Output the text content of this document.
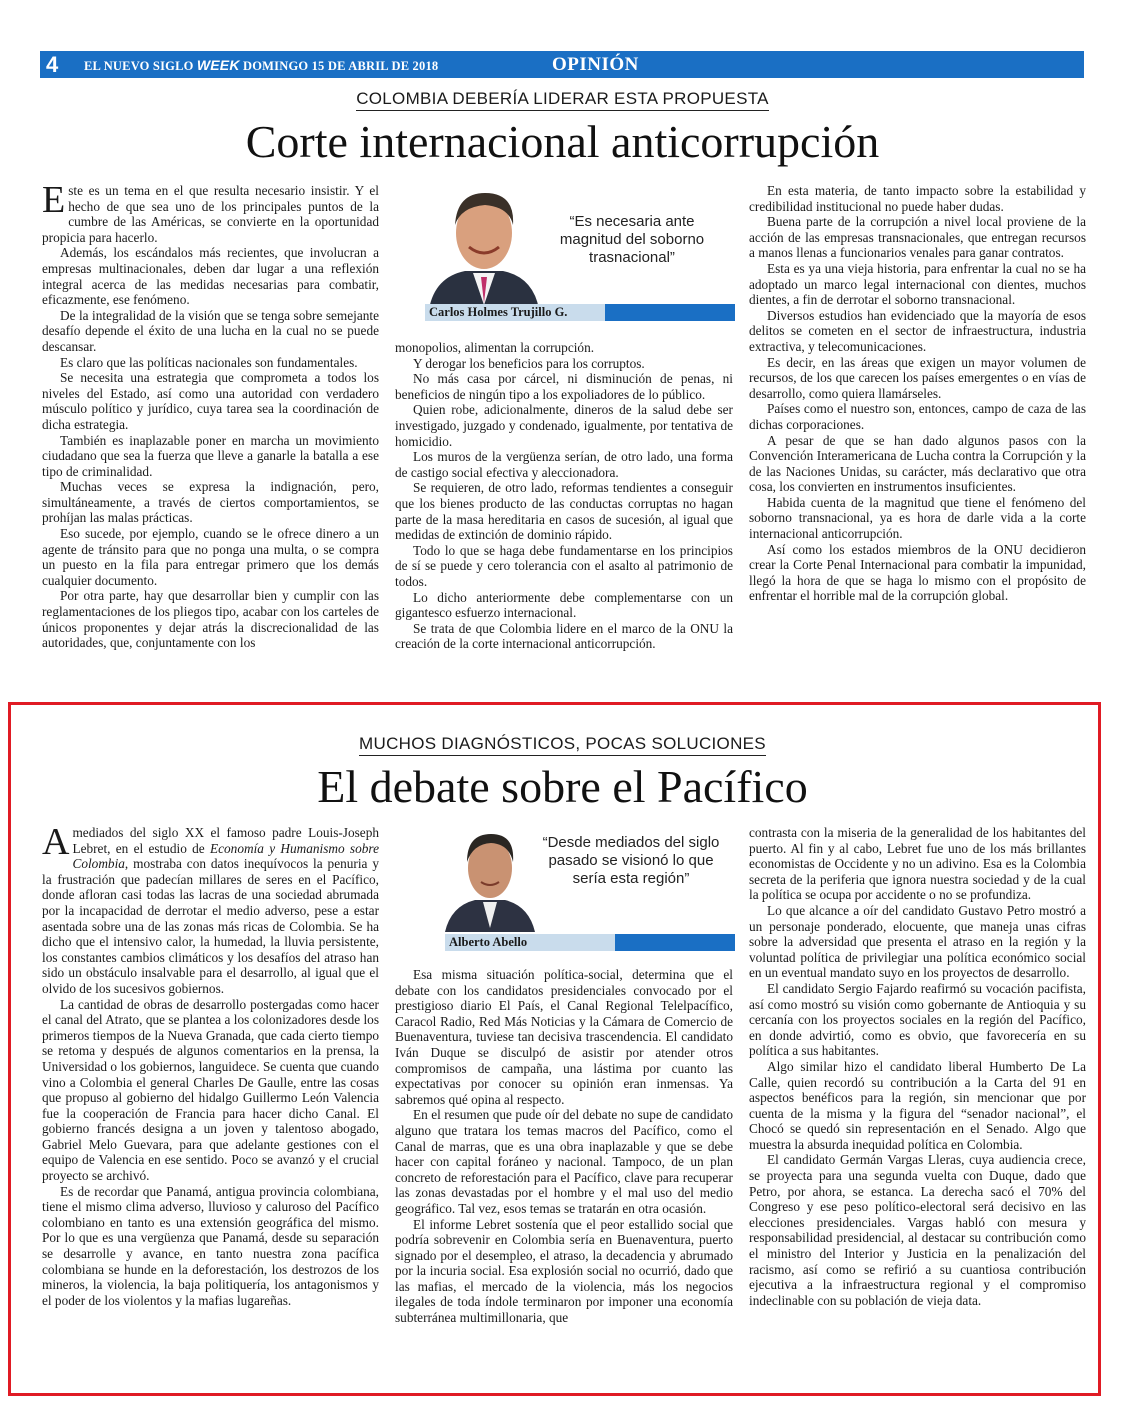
4 EL NUEVO SIGLO WEEK DOMINGO 15 DE ABRIL DE 2018	OPINIÓN
COLOMBIA DEBERÍA LIDERAR ESTA PROPUESTA
Corte internacional anticorrupción

Este es un tema en el que resulta necesario insistir. Y el hecho de que sea uno de los principales puntos de la cumbre de las Américas, se convierte en la oportunidad propicia para hacerlo.

Además, los escándalos más recientes, que involucran a empresas multinacionales, deben dar lugar a una reflexión integral acerca de las medidas necesarias para combatir, eficazmente, ese fenómeno.

De la integralidad de la visión que se tenga sobre semejante desafío depende el éxito de una lucha en la cual no se puede descansar.

Es claro que las políticas nacionales son fundamentales.

Se necesita una estrategia que comprometa a todos los niveles del Estado, así como una autoridad con verdadero músculo político y jurídico, cuya tarea sea la coordinación de dicha estrategia.

También es inaplazable poner en marcha un movimiento ciudadano que sea la fuerza que lleve a ganarle la batalla a ese tipo de criminalidad.

Muchas veces se expresa la indignación, pero, simultáneamente, a través de ciertos comportamientos, se prohíjan las malas prácticas.

Eso sucede, por ejemplo, cuando se le ofrece dinero a un agente de tránsito para que no ponga una multa, o se compra un puesto en la fila para entregar primero que los demás cualquier documento.

Por otra parte, hay que desarrollar bien y cumplir con las reglamentaciones de los pliegos tipo, acabar con los carteles de únicos proponentes y dejar atrás la discrecionalidad de las autoridades, que, conjuntamente con los

“Es necesaria ante magnitud del soborno trasnacional”
Carlos Holmes Trujillo G.

monopolios, alimentan la corrupción.

Y derogar los beneficios para los corruptos.

No más casa por cárcel, ni disminución de penas, ni beneficios de ningún tipo a los expoliadores de lo público.

Quien robe, adicionalmente, dineros de la salud debe ser investigado, juzgado y condenado, igualmente, por tentativa de homicidio.

Los muros de la vergüenza serían, de otro lado, una forma de castigo social efectiva y aleccionadora.

Se requieren, de otro lado, reformas tendientes a conseguir que los bienes producto de las conductas corruptas no hagan parte de la masa hereditaria en casos de sucesión, al igual que medidas de extinción de dominio rápido.

Todo lo que se haga debe fundamentarse en los principios de sí se puede y cero tolerancia con el asalto al patrimonio de todos.

Lo dicho anteriormente debe complementarse con un gigantesco esfuerzo internacional.

Se trata de que Colombia lidere en el marco de la ONU la creación de la corte internacional anticorrupción.

En esta materia, de tanto impacto sobre la estabilidad y credibilidad institucional no puede haber dudas.

Buena parte de la corrupción a nivel local proviene de la acción de las empresas transnacionales, que entregan recursos a manos llenas a funcionarios venales para ganar contratos.

Esta es ya una vieja historia, para enfrentar la cual no se ha adoptado un marco legal internacional con dientes, muchos dientes, a fin de derrotar el soborno transnacional.

Diversos estudios han evidenciado que la mayoría de esos delitos se cometen en el sector de infraestructura, industria extractiva, y telecomunicaciones.

Es decir, en las áreas que exigen un mayor volumen de recursos, de los que carecen los países emergentes o en vías de desarrollo, como quiera llamárseles.

Países como el nuestro son, entonces, campo de caza de las dichas corporaciones.

A pesar de que se han dado algunos pasos con la Convención Interamericana de Lucha contra la Corrupción y la de las Naciones Unidas, su carácter, más declarativo que otra cosa, los convierten en instrumentos insuficientes.

Habida cuenta de la magnitud que tiene el fenómeno del soborno transnacional, ya es hora de darle vida a la corte internacional anticorrupción.

Así como los estados miembros de la ONU decidieron crear la Corte Penal Internacional para combatir la impunidad, llegó la hora de que se haga lo mismo con el propósito de enfrentar el horrible mal de la corrupción global.

MUCHOS DIAGNÓSTICOS, POCAS SOLUCIONES
El debate sobre el Pacífico

A mediados del siglo XX el famoso padre Louis-Joseph Lebret, en el estudio de Economía y Humanismo sobre Colombia, mostraba con datos inequívocos la penuria y la frustración que padecían millares de seres en el Pacífico, donde afloran casi todas las lacras de una sociedad abrumada por la incapacidad de derrotar el medio adverso, pese a estar asentada sobre una de las zonas más ricas de Colombia. Se ha dicho que el intensivo calor, la humedad, la lluvia persistente, los constantes cambios climáticos y los desafíos del atraso han sido un obstáculo insalvable para el desarrollo, al igual que el olvido de los sucesivos gobiernos.

La cantidad de obras de desarrollo postergadas como hacer el canal del Atrato, que se plantea a los colonizadores desde los primeros tiempos de la Nueva Granada, que cada cierto tiempo se retoma y después de algunos comentarios en la prensa, la Universidad o los gobiernos, languidece. Se cuenta que cuando vino a Colombia el general Charles De Gaulle, entre las cosas que propuso al gobierno del hidalgo Guillermo León Valencia fue la cooperación de Francia para hacer dicho Canal. El gobierno francés designa a un joven y talentoso abogado, Gabriel Melo Guevara, para que adelante gestiones con el equipo de Valencia en ese sentido. Poco se avanzó y el crucial proyecto se archivó.

Es de recordar que Panamá, antigua provincia colombiana, tiene el mismo clima adverso, lluvioso y caluroso del Pacífico colombiano en tanto es una extensión geográfica del mismo. Por lo que es una vergüenza que Panamá, desde su separación se desarrolle y avance, en tanto nuestra zona pacífica colombiana se hunde en la deforestación, los destrozos de los mineros, la violencia, la baja politiquería, los antagonismos y el poder de los violentos y la mafias lugareñas.

“Desde mediados del siglo pasado se visionó lo que sería esta región”
Alberto Abello

Esa misma situación política-social, determina que el debate con los candidatos presidenciales convocado por el prestigioso diario El País, el Canal Regional Telelpacífico, Caracol Radio, Red Más Noticias y la Cámara de Comercio de Buenaventura, tuviese tan decisiva trascendencia. El candidato Iván Duque se disculpó de asistir por atender otros compromisos de campaña, una lástima por cuanto las expectativas por conocer su opinión eran inmensas. Ya sabremos qué opina al respecto.

En el resumen que pude oír del debate no supe de candidato alguno que tratara los temas macros del Pacífico, como el Canal de marras, que es una obra inaplazable y que se debe hacer con capital foráneo y nacional. Tampoco, de un plan concreto de reforestación para el Pacífico, clave para recuperar las zonas devastadas por el hombre y el mal uso del medio geográfico. Tal vez, esos temas se tratarán en otra ocasión.

El informe Lebret sostenía que el peor estallido social que podría sobrevenir en Colombia sería en Buenaventura, puerto signado por el desempleo, el atraso, la decadencia y abrumado por la incuria social. Esa explosión social no ocurrió, dado que las mafias, el mercado de la violencia, más los negocios ilegales de toda índole terminaron por imponer una economía subterránea multimillonaria, que

contrasta con la miseria de la generalidad de los habitantes del puerto. Al fin y al cabo, Lebret fue uno de los más brillantes economistas de Occidente y no un adivino. Esa es la Colombia secreta de la periferia que ignora nuestra sociedad y de la cual la política se ocupa por accidente o no se profundiza.

Lo que alcance a oír del candidato Gustavo Petro mostró a un personaje ponderado, elocuente, que maneja unas cifras sobre la adversidad que presenta el atraso en la región y la voluntad política de privilegiar una política económico social en un eventual mandato suyo en los proyectos de desarrollo.

El candidato Sergio Fajardo reafirmó su vocación pacifista, así como mostró su visión como gobernante de Antioquia y su cercanía con los proyectos sociales en la región del Pacífico, en donde advirtió, como es obvio, que favorecería en su política a sus habitantes.

Algo similar hizo el candidato liberal Humberto De La Calle, quien recordó su contribución a la Carta del 91 en aspectos benéficos para la región, sin mencionar que por cuenta de la misma y la figura del “senador nacional”, el Chocó se quedó sin representación en el Senado. Algo que muestra la absurda inequidad política en Colombia.

El candidato Germán Vargas Lleras, cuya audiencia crece, se proyecta para una segunda vuelta con Duque, dado que Petro, por ahora, se estanca. La derecha sacó el 70% del Congreso y ese peso político-electoral será decisivo en las elecciones presidenciales. Vargas habló con mesura y responsabilidad presidencial, al destacar su contribución como el ministro del Interior y Justicia en la penalización del racismo, así como se refirió a su cuantiosa contribución ejecutiva a la infraestructura regional y el compromiso indeclinable con su población de vieja data.
